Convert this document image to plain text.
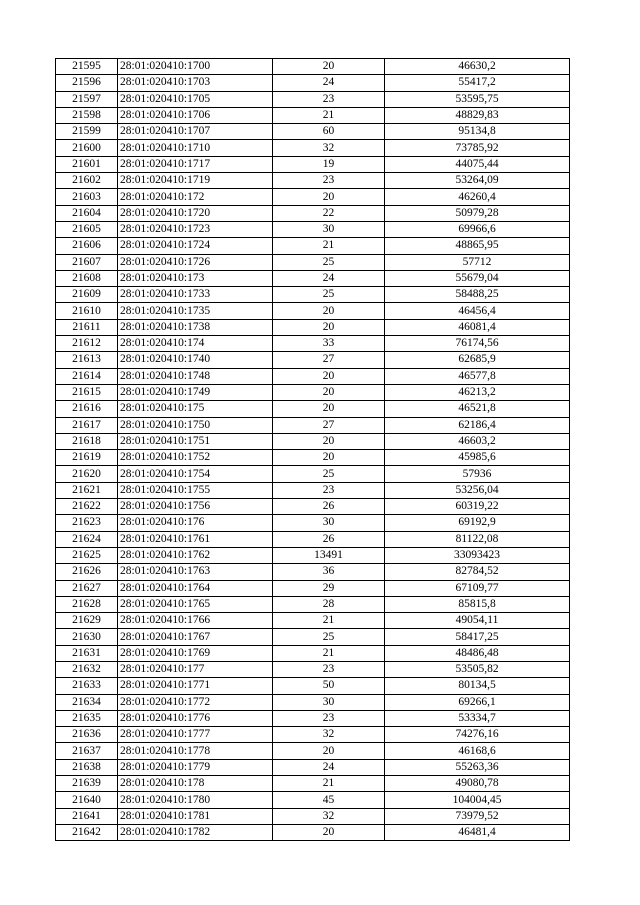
21595	28:01:020410:1700	20	46630,2
21596	28:01:020410:1703	24	55417,2
21597	28:01:020410:1705	23	53595,75
21598	28:01:020410:1706	21	48829,83
21599	28:01:020410:1707	60	95134,8
21600	28:01:020410:1710	32	73785,92
21601	28:01:020410:1717	19	44075,44
21602	28:01:020410:1719	23	53264,09
21603	28:01:020410:172	20	46260,4
21604	28:01:020410:1720	22	50979,28
21605	28:01:020410:1723	30	69966,6
21606	28:01:020410:1724	21	48865,95
21607	28:01:020410:1726	25	57712
21608	28:01:020410:173	24	55679,04
21609	28:01:020410:1733	25	58488,25
21610	28:01:020410:1735	20	46456,4
21611	28:01:020410:1738	20	46081,4
21612	28:01:020410:174	33	76174,56
21613	28:01:020410:1740	27	62685,9
21614	28:01:020410:1748	20	46577,8
21615	28:01:020410:1749	20	46213,2
21616	28:01:020410:175	20	46521,8
21617	28:01:020410:1750	27	62186,4
21618	28:01:020410:1751	20	46603,2
21619	28:01:020410:1752	20	45985,6
21620	28:01:020410:1754	25	57936
21621	28:01:020410:1755	23	53256,04
21622	28:01:020410:1756	26	60319,22
21623	28:01:020410:176	30	69192,9
21624	28:01:020410:1761	26	81122,08
21625	28:01:020410:1762	13491	33093423
21626	28:01:020410:1763	36	82784,52
21627	28:01:020410:1764	29	67109,77
21628	28:01:020410:1765	28	85815,8
21629	28:01:020410:1766	21	49054,11
21630	28:01:020410:1767	25	58417,25
21631	28:01:020410:1769	21	48486,48
21632	28:01:020410:177	23	53505,82
21633	28:01:020410:1771	50	80134,5
21634	28:01:020410:1772	30	69266,1
21635	28:01:020410:1776	23	53334,7
21636	28:01:020410:1777	32	74276,16
21637	28:01:020410:1778	20	46168,6
21638	28:01:020410:1779	24	55263,36
21639	28:01:020410:178	21	49080,78
21640	28:01:020410:1780	45	104004,45
21641	28:01:020410:1781	32	73979,52
21642	28:01:020410:1782	20	46481,4
